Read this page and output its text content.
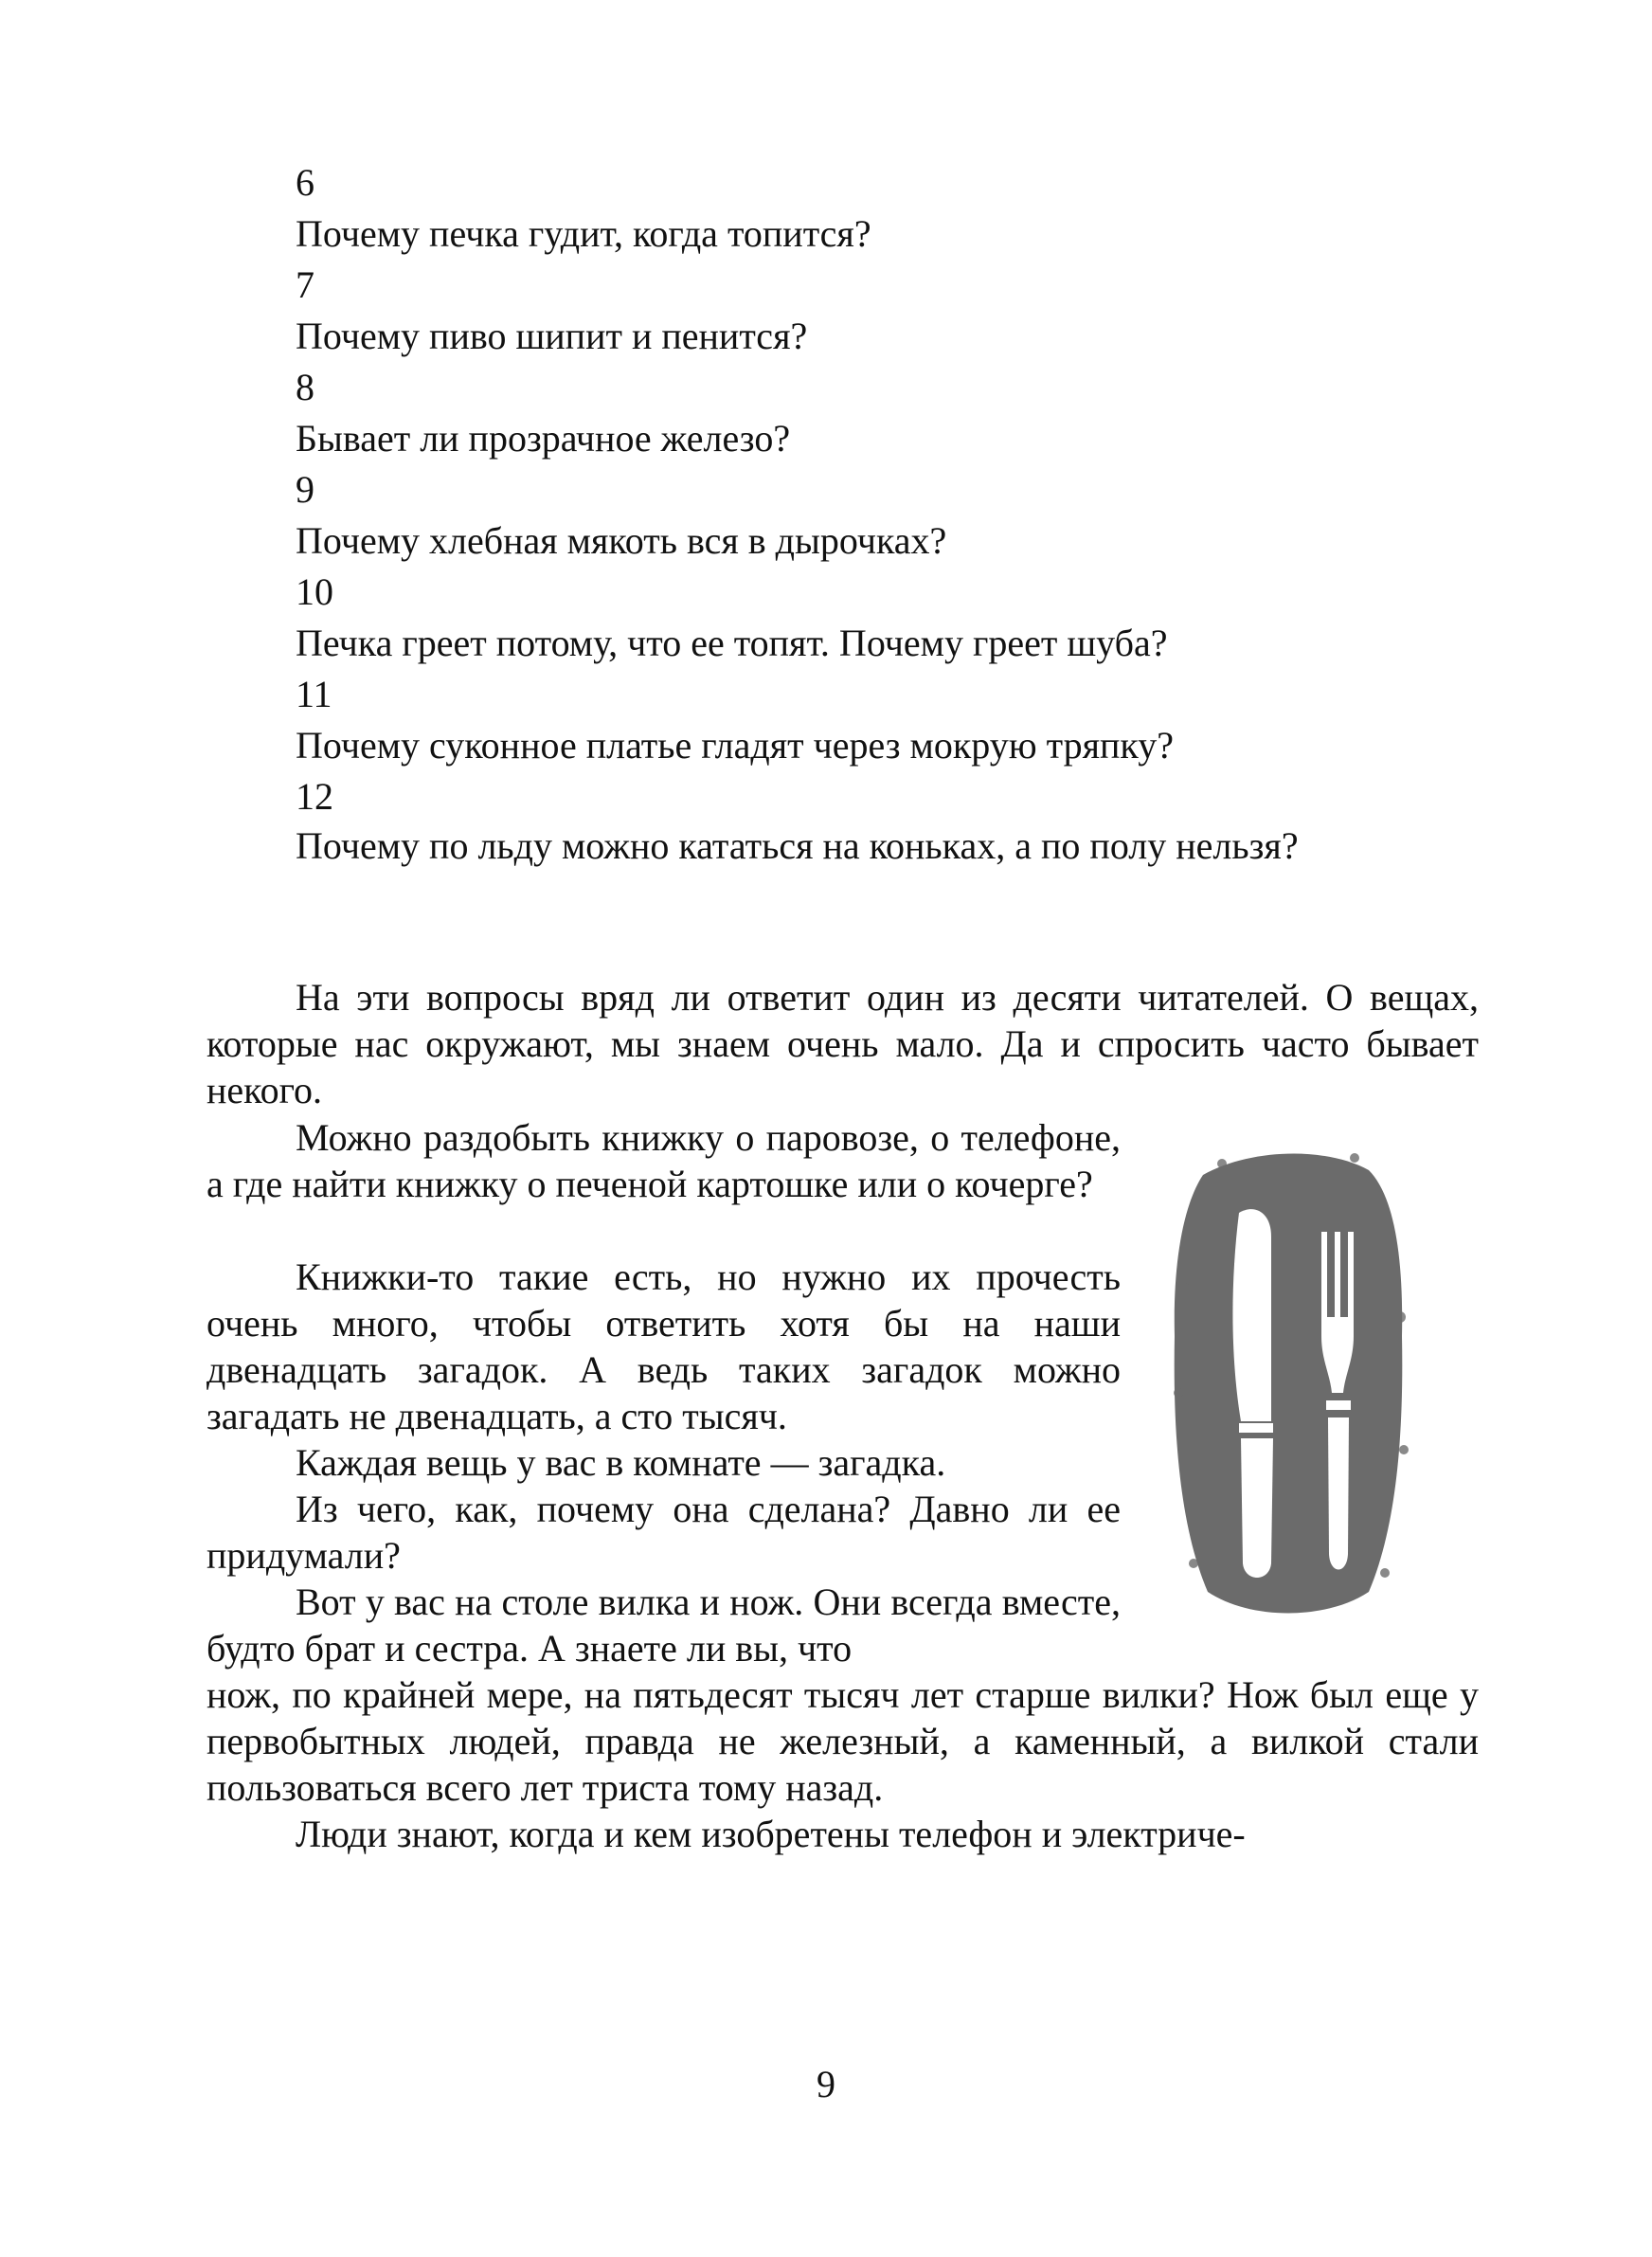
6
Почему печка гудит, когда топится?
7
Почему пиво шипит и пенится?
8
Бывает ли прозрачное железо?
9
Почему хлебная мякоть вся в дырочках?
10
Печка греет потому, что ее топят. Почему греет шуба?
11
Почему суконное платье гладят через мокрую тряпку?
12

Почему по льду можно кататься на коньках, а по полу нельзя?

На эти вопросы вряд ли ответит один из десяти читателей. О вещах, которые нас окружают, мы знаем очень мало. Да и спросить часто бывает некого.

Можно раздобыть книжку о паровозе, о телефоне, а где найти книжку о печеной картошке или о кочерге?

Книжки-то такие есть, но нужно их прочесть очень много, чтобы ответить хотя бы на наши двенадцать загадок. А ведь таких загадок можно загадать не двенадцать, а сто тысяч.

Каждая вещь у вас в комнате — загадка.

Из чего, как, почему она сделана? Давно ли ее придумали?

Вот у вас на столе вилка и нож. Они всегда вместе, будто брат и сестра. А знаете ли вы, что

нож, по крайней мере, на пятьдесят тысяч лет старше вилки? Нож был еще у первобытных людей, правда не железный, а каменный, а вилкой стали пользоваться всего лет триста тому назад.

Люди знают, когда и кем изобретены телефон и электриче-

9
